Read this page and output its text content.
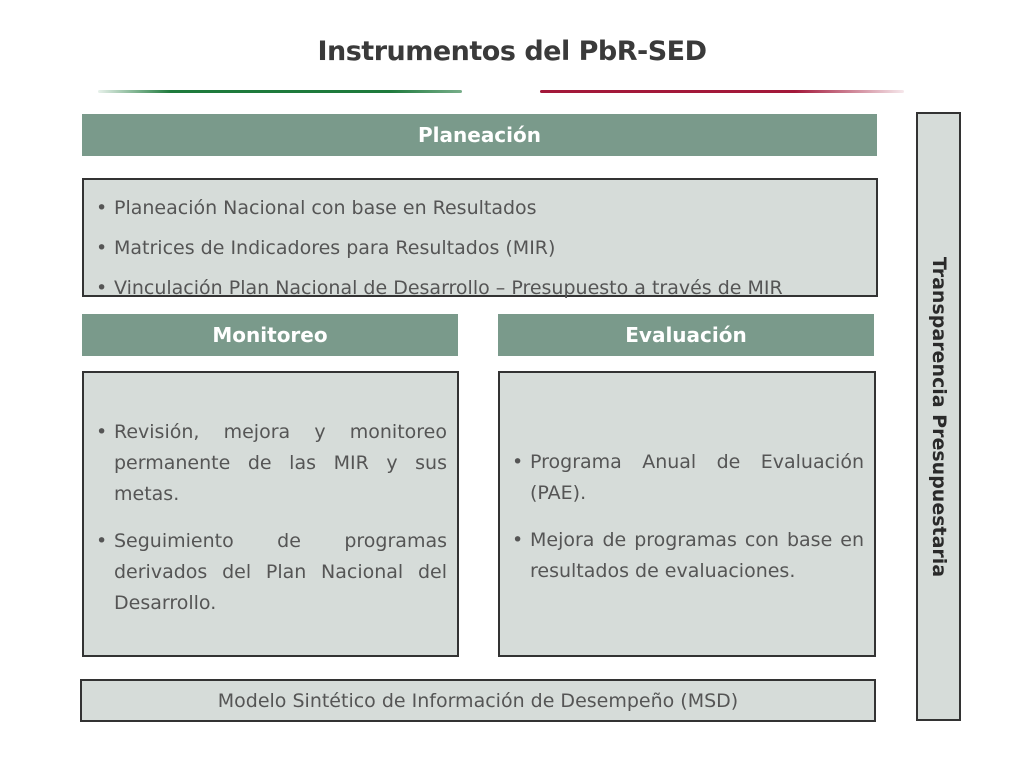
Instrumentos del PbR-SED
Planeación
• Planeación Nacional con base en Resultados
• Matrices de Indicadores para Resultados (MIR)
• Vinculación Plan Nacional de Desarrollo – Presupuesto a través de MIR
Monitoreo
• Revisión, mejora y monitoreo permanente de las MIR y sus metas.
• Seguimiento de programas derivados del Plan Nacional del Desarrollo.
Evaluación
• Programa Anual de Evaluación (PAE).
• Mejora de programas con base en resultados de evaluaciones.
Modelo Sintético de Información de Desempeño (MSD)
Transparencia Presupuestaria
